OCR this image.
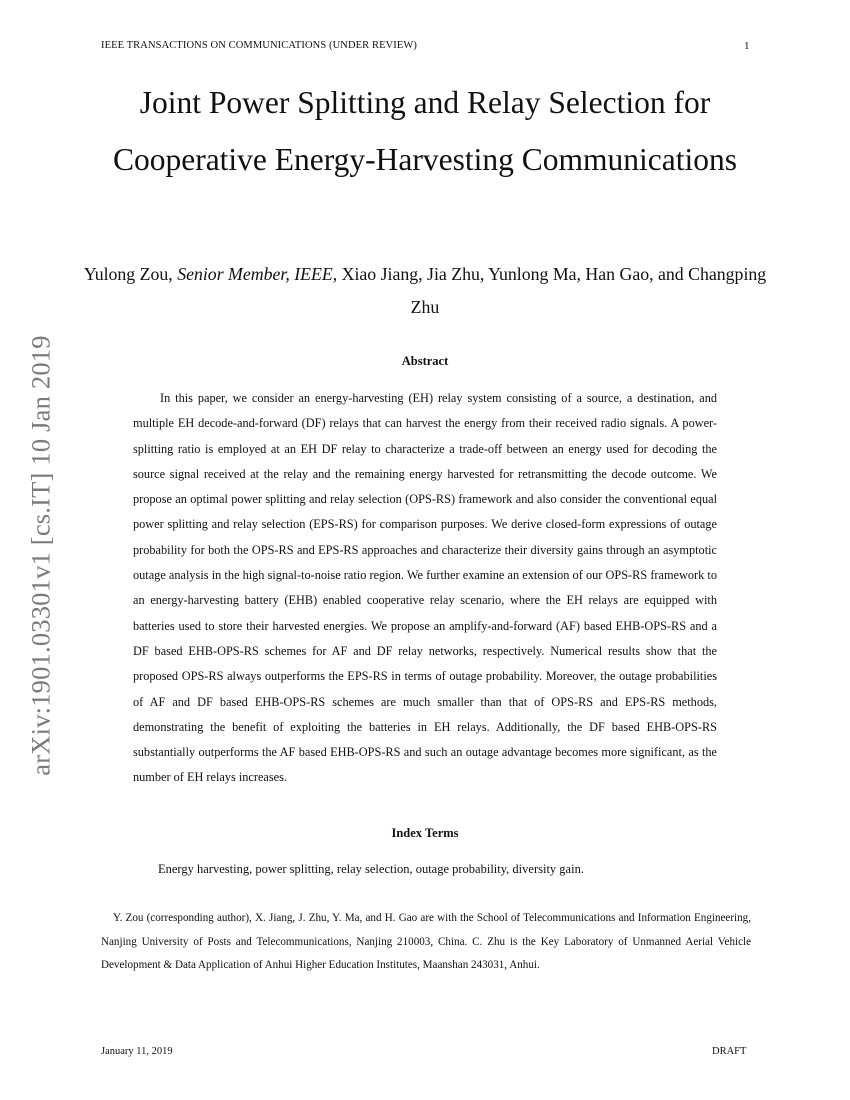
IEEE TRANSACTIONS ON COMMUNICATIONS (UNDER REVIEW)	1
arXiv:1901.03301v1 [cs.IT] 10 Jan 2019
Joint Power Splitting and Relay Selection for Cooperative Energy-Harvesting Communications

Yulong Zou, Senior Member, IEEE, Xiao Jiang, Jia Zhu, Yunlong Ma, Han Gao, and Changping Zhu

Abstract

In this paper, we consider an energy-harvesting (EH) relay system consisting of a source, a destination, and multiple EH decode-and-forward (DF) relays that can harvest the energy from their received radio signals. A power-splitting ratio is employed at an EH DF relay to characterize a trade-off between an energy used for decoding the source signal received at the relay and the remaining energy harvested for retransmitting the decode outcome. We propose an optimal power splitting and relay selection (OPS-RS) framework and also consider the conventional equal power splitting and relay selection (EPS-RS) for comparison purposes. We derive closed-form expressions of outage probability for both the OPS-RS and EPS-RS approaches and characterize their diversity gains through an asymptotic outage analysis in the high signal-to-noise ratio region. We further examine an extension of our OPS-RS framework to an energy-harvesting battery (EHB) enabled cooperative relay scenario, where the EH relays are equipped with batteries used to store their harvested energies. We propose an amplify-and-forward (AF) based EHB-OPS-RS and a DF based EHB-OPS-RS schemes for AF and DF relay networks, respectively. Numerical results show that the proposed OPS-RS always outperforms the EPS-RS in terms of outage probability. Moreover, the outage probabilities of AF and DF based EHB-OPS-RS schemes are much smaller than that of OPS-RS and EPS-RS methods, demonstrating the benefit of exploiting the batteries in EH relays. Additionally, the DF based EHB-OPS-RS substantially outperforms the AF based EHB-OPS-RS and such an outage advantage becomes more significant, as the number of EH relays increases.

Index Terms

Energy harvesting, power splitting, relay selection, outage probability, diversity gain.

Y. Zou (corresponding author), X. Jiang, J. Zhu, Y. Ma, and H. Gao are with the School of Telecommunications and Information Engineering, Nanjing University of Posts and Telecommunications, Nanjing 210003, China. C. Zhu is the Key Laboratory of Unmanned Aerial Vehicle Development & Data Application of Anhui Higher Education Institutes, Maanshan 243031, Anhui.

January 11, 2019	DRAFT
